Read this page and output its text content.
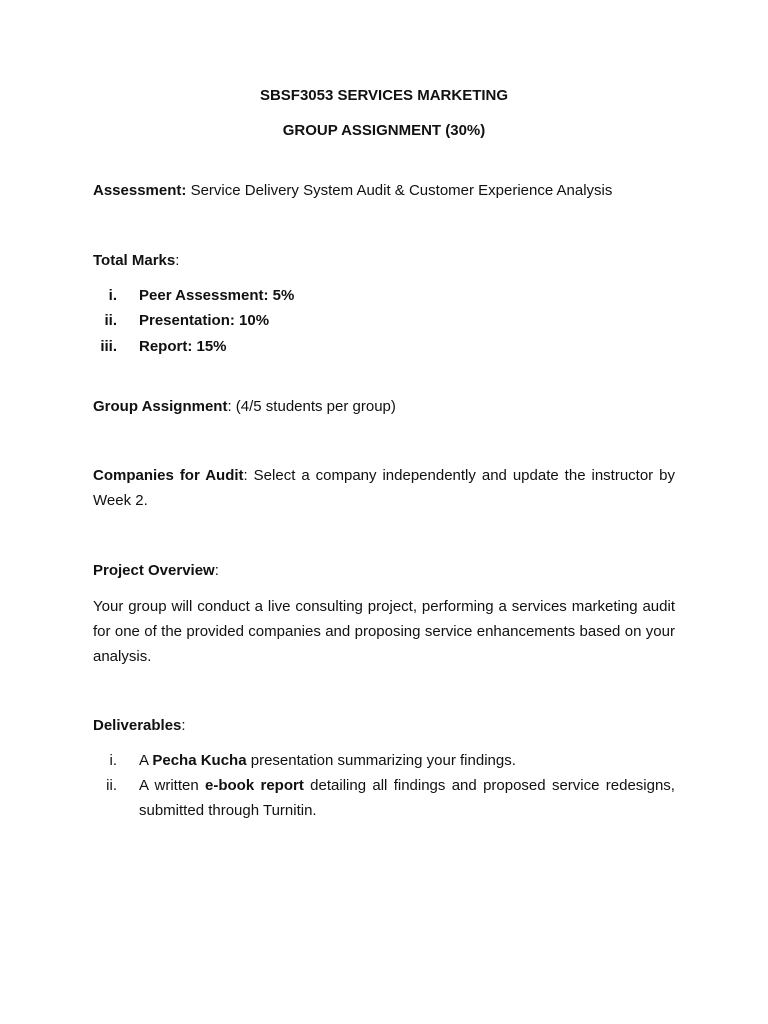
SBSF3053 SERVICES MARKETING
GROUP ASSIGNMENT (30%)
Assessment: Service Delivery System Audit & Customer Experience Analysis
Total Marks:
i. Peer Assessment: 5%
ii. Presentation: 10%
iii. Report: 15%
Group Assignment: (4/5 students per group)
Companies for Audit: Select a company independently and update the instructor by Week 2.
Project Overview:
Your group will conduct a live consulting project, performing a services marketing audit for one of the provided companies and proposing service enhancements based on your analysis.
Deliverables:
i. A Pecha Kucha presentation summarizing your findings.
ii. A written e-book report detailing all findings and proposed service redesigns, submitted through Turnitin.
